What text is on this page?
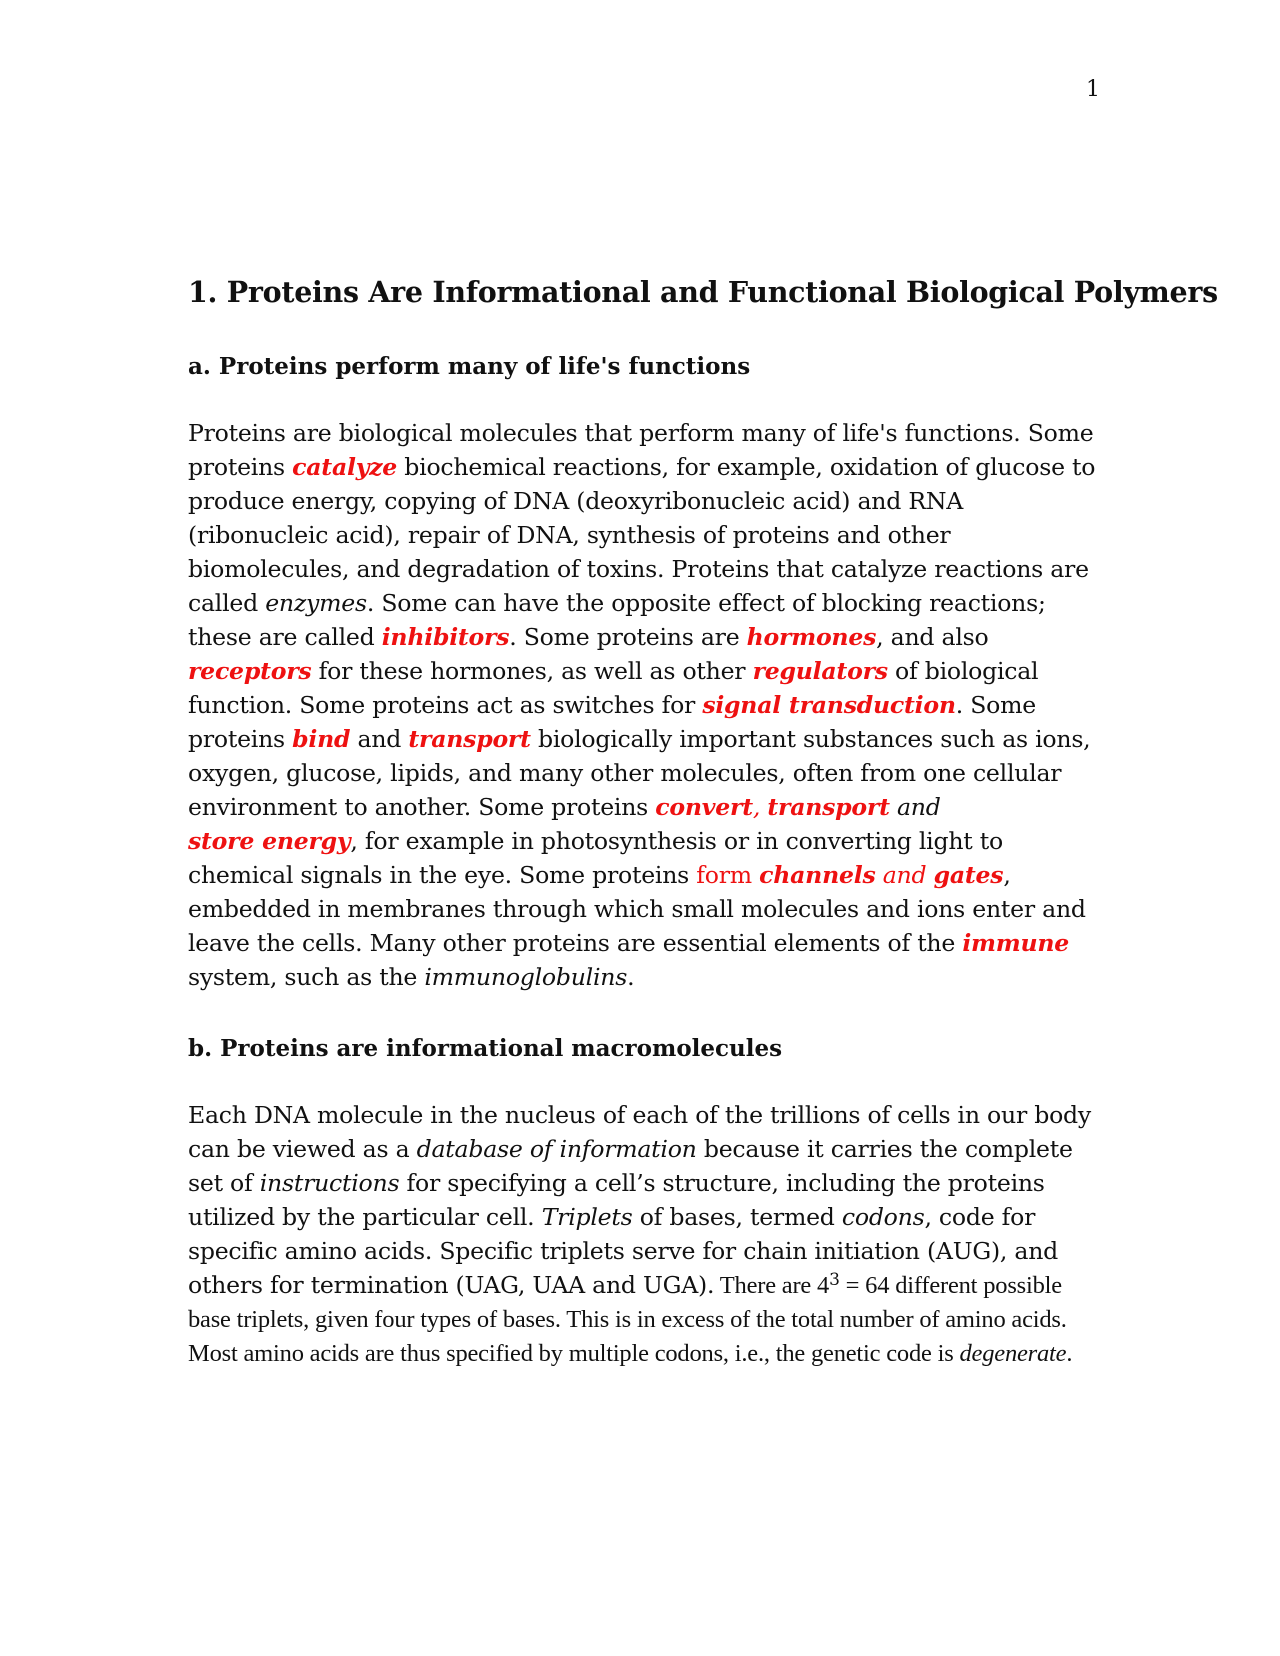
1
1. Proteins Are Informational and Functional Biological Polymers
a. Proteins perform many of life's functions

Proteins are biological molecules that perform many of life's functions. Some proteins catalyze biochemical reactions, for example, oxidation of glucose to produce energy, copying of DNA (deoxyribonucleic acid) and RNA (ribonucleic acid), repair of DNA, synthesis of proteins and other biomolecules, and degradation of toxins. Proteins that catalyze reactions are called enzymes. Some can have the opposite effect of blocking reactions; these are called inhibitors. Some proteins are hormones, and also receptors for these hormones, as well as other regulators of biological function. Some proteins act as switches for signal transduction. Some proteins bind and transport biologically important substances such as ions, oxygen, glucose, lipids, and many other molecules, often from one cellular environment to another. Some proteins convert, transport and
store energy, for example in photosynthesis or in converting light to chemical signals in the eye. Some proteins form channels and gates, embedded in membranes through which small molecules and ions enter and leave the cells. Many other proteins are essential elements of the immune system, such as the immunoglobulins.

b. Proteins are informational macromolecules

Each DNA molecule in the nucleus of each of the trillions of cells in our body can be viewed as a database of information because it carries the complete set of instructions for specifying a cell’s structure, including the proteins utilized by the particular cell. Triplets of bases, termed codons, code for specific amino acids. Specific triplets serve for chain initiation (AUG), and others for termination (UAG, UAA and UGA). There are $4^3 = 64$ different possible base triplets, given four types of bases. This is in excess of the total number of amino acids. Most amino acids are thus specified by multiple codons, i.e., the genetic code is degenerate.
